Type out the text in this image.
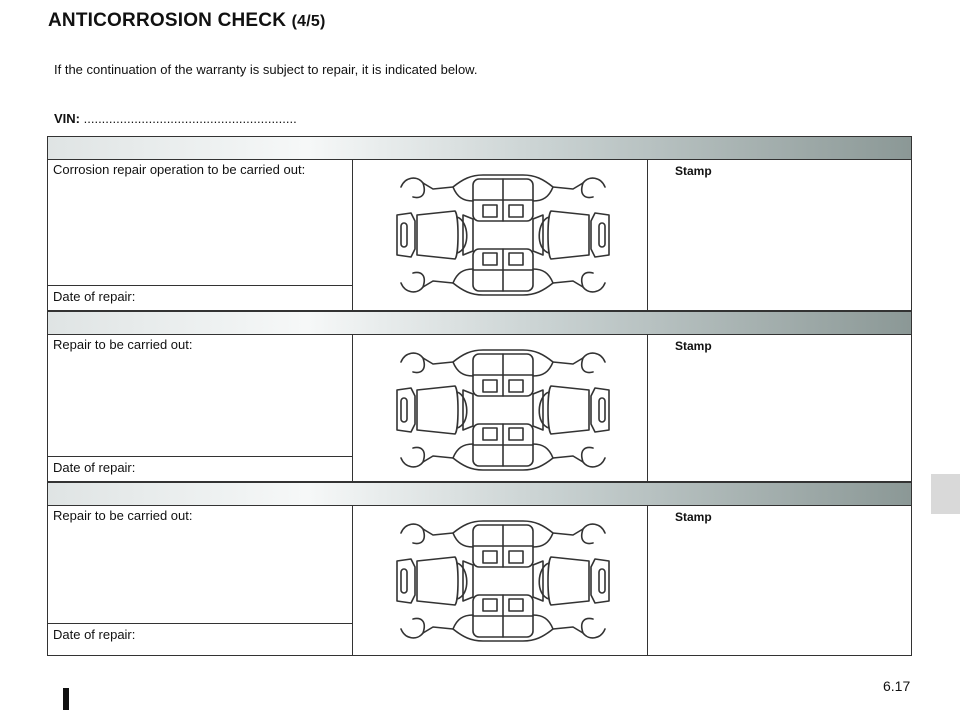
ANTICORROSION CHECK (4/5)
If the continuation of the warranty is subject to repair, it is indicated below.
VIN: ...........................................................
Corrosion repair operation to be carried out:
Date of repair:
Stamp
Repair to be carried out:
Date of repair:
Stamp
Repair to be carried out:
Date of repair:
Stamp
6.17
